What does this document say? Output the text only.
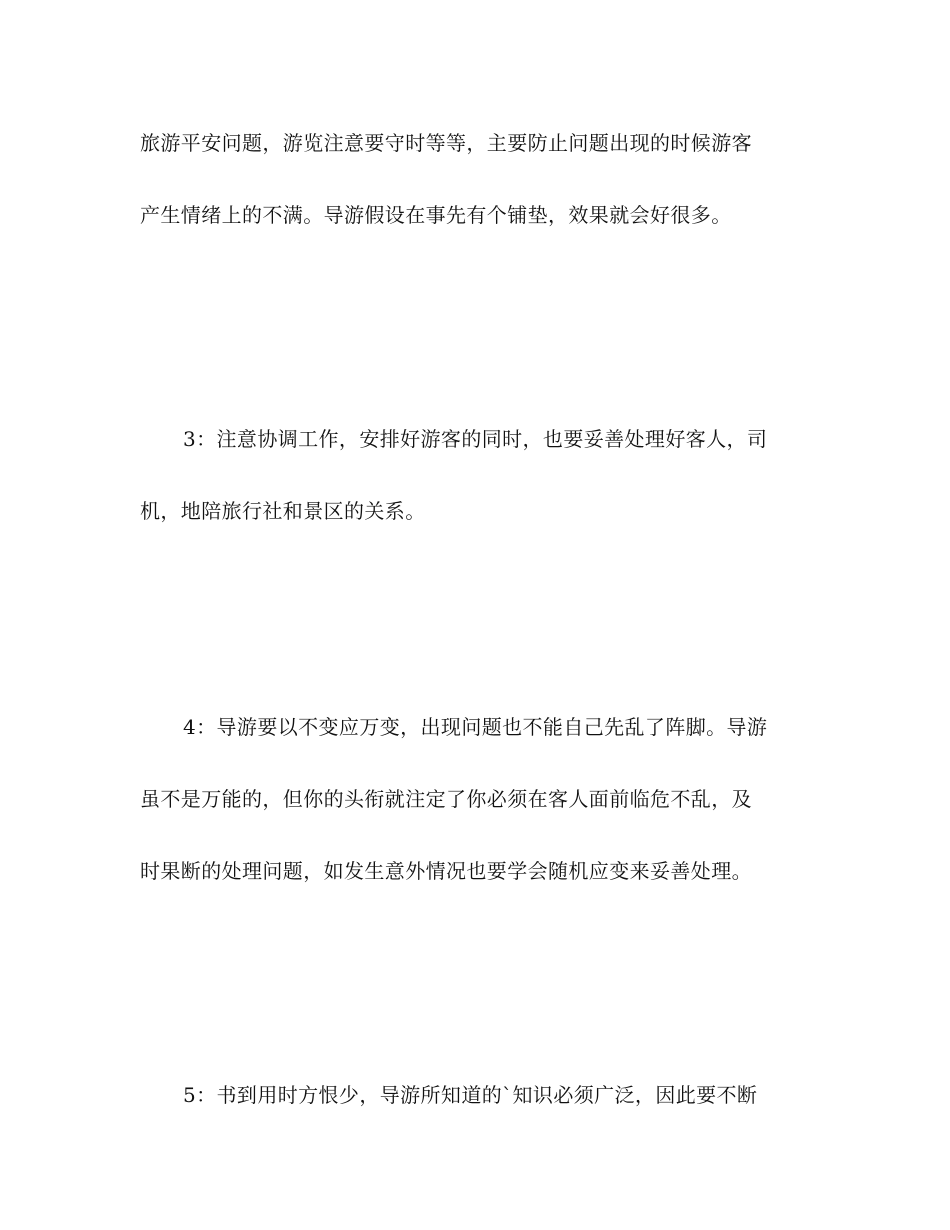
旅游平安问题，游览注意要守时等等，主要防止问题出现的时候游客

产生情绪上的不满。导游假设在事先有个铺垫，效果就会好很多。

3：注意协调工作，安排好游客的同时，也要妥善处理好客人，司

机，地陪旅行社和景区的关系。

4：导游要以不变应万变，出现问题也不能自己先乱了阵脚。导游

虽不是万能的，但你的头衔就注定了你必须在客人面前临危不乱，及

时果断的处理问题，如发生意外情况也要学会随机应变来妥善处理。

5：书到用时方恨少，导游所知道的`知识必须广泛，因此要不断
